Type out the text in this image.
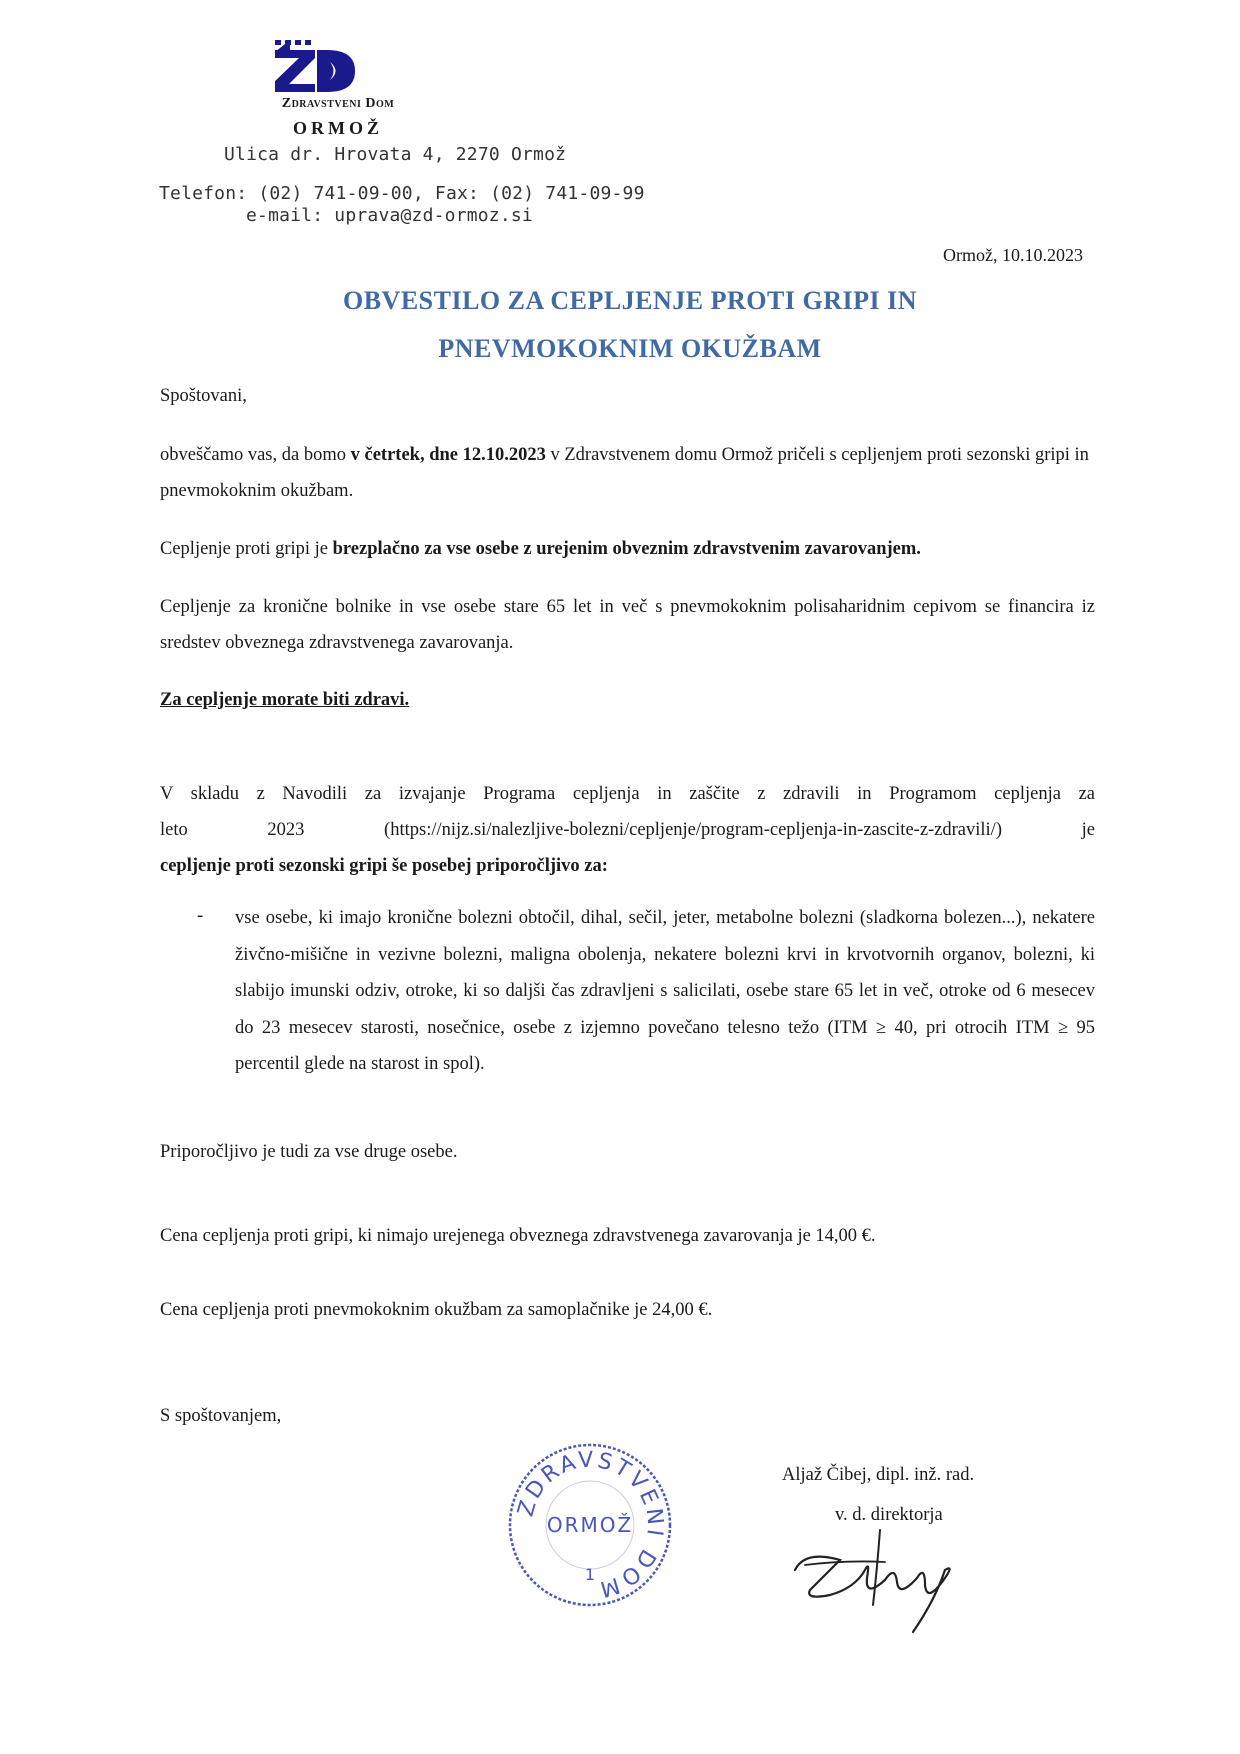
Zdravstveni Dom
ORMOŽ
Ulica dr. Hrovata 4, 2270 Ormož
Telefon: (02) 741-09-00, Fax: (02) 741-09-99
e-mail: uprava@zd-ormoz.si
Ormož, 10.10.2023
OBVESTILO ZA CEPLJENJE PROTI GRIPI IN
PNEVMOKOKNIM OKUŽBAM
Spoštovani,
obveščamo vas, da bomo v četrtek, dne 12.10.2023 v Zdravstvenem domu Ormož pričeli s cepljenjem proti sezonski gripi in pnevmokoknim okužbam.
Cepljenje proti gripi je brezplačno za vse osebe z urejenim obveznim zdravstvenim zavarovanjem.
Cepljenje za kronične bolnike in vse osebe stare 65 let in več s pnevmokoknim polisaharidnim cepivom se financira iz sredstev obveznega zdravstvenega zavarovanja.
Za cepljenje morate biti zdravi.
V skladu z Navodili za izvajanje Programa cepljenja in zaščite z zdravili in Programom cepljenja za
leto 2023 (https://nijz.si/nalezljive-bolezni/cepljenje/program-cepljenja-in-zascite-z-zdravili/) je
cepljenje proti sezonski gripi še posebej priporočljivo za:
- vse osebe, ki imajo kronične bolezni obtočil, dihal, sečil, jeter, metabolne bolezni (sladkorna bolezen...), nekatere živčno-mišične in vezivne bolezni, maligna obolenja, nekatere bolezni krvi in krvotvornih organov, bolezni, ki slabijo imunski odziv, otroke, ki so daljši čas zdravljeni s salicilati, osebe stare 65 let in več, otroke od 6 mesecev do 23 mesecev starosti, nosečnice, osebe z izjemno povečano telesno težo (ITM ≥ 40, pri otrocih ITM ≥ 95 percentil glede na starost in spol).
Priporočljivo je tudi za vse druge osebe.
Cena cepljenja proti gripi, ki nimajo urejenega obveznega zdravstvenega zavarovanja je 14,00 €.
Cena cepljenja proti pnevmokoknim okužbam za samoplačnike je 24,00 €.
S spoštovanjem,
ZDRAVSTVENI DOM
ORMOŽ
1
Aljaž Čibej, dipl. inž. rad.
v. d. direktorja
